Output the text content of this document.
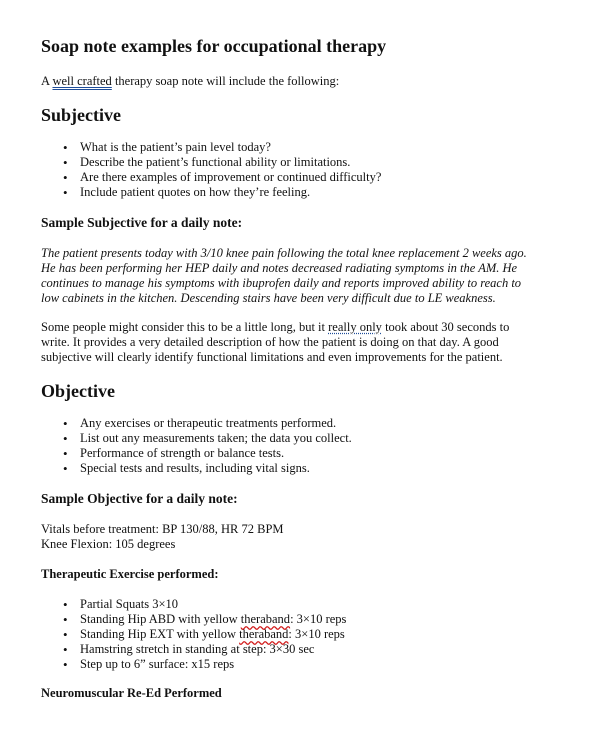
Soap note examples for occupational therapy
A well crafted therapy soap note will include the following:
Subjective
• What is the patient’s pain level today?
• Describe the patient’s functional ability or limitations.
• Are there examples of improvement or continued difficulty?
• Include patient quotes on how they’re feeling.
Sample Subjective for a daily note:
The patient presents today with 3/10 knee pain following the total knee replacement 2 weeks ago.
He has been performing her HEP daily and notes decreased radiating symptoms in the AM. He
continues to manage his symptoms with ibuprofen daily and reports improved ability to reach to
low cabinets in the kitchen. Descending stairs have been very difficult due to LE weakness.
Some people might consider this to be a little long, but it really only took about 30 seconds to
write. It provides a very detailed description of how the patient is doing on that day. A good
subjective will clearly identify functional limitations and even improvements for the patient.
Objective
• Any exercises or therapeutic treatments performed.
• List out any measurements taken; the data you collect.
• Performance of strength or balance tests.
• Special tests and results, including vital signs.
Sample Objective for a daily note:
Vitals before treatment: BP 130/88, HR 72 BPM
Knee Flexion: 105 degrees
Therapeutic Exercise performed:
• Partial Squats 3×10
• Standing Hip ABD with yellow theraband: 3×10 reps
• Standing Hip EXT with yellow theraband: 3×10 reps
• Hamstring stretch in standing at step: 3×30 sec
• Step up to 6” surface: x15 reps
Neuromuscular Re-Ed Performed
